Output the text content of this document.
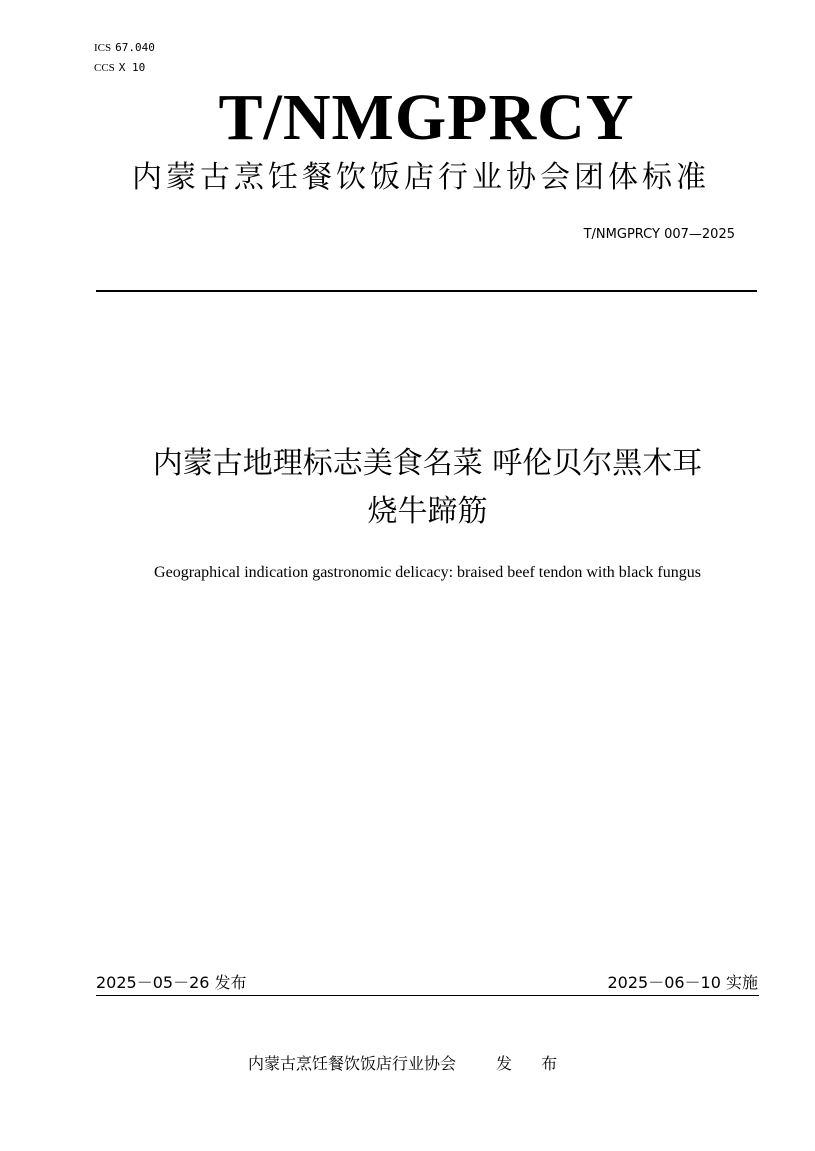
ICS 67.040
CCS X 10
T/NMGPRCY
内蒙古烹饪餐饮饭店行业协会团体标准
T/NMGPRCY 007—2025
内蒙古地理标志美食名菜 呼伦贝尔黑木耳
烧牛蹄筋
Geographical indication gastronomic delicacy: braised beef tendon with black fungus
2025－05－26 发布	2025－06－10 实施
内蒙古烹饪餐饮饭店行业协会	发 布
